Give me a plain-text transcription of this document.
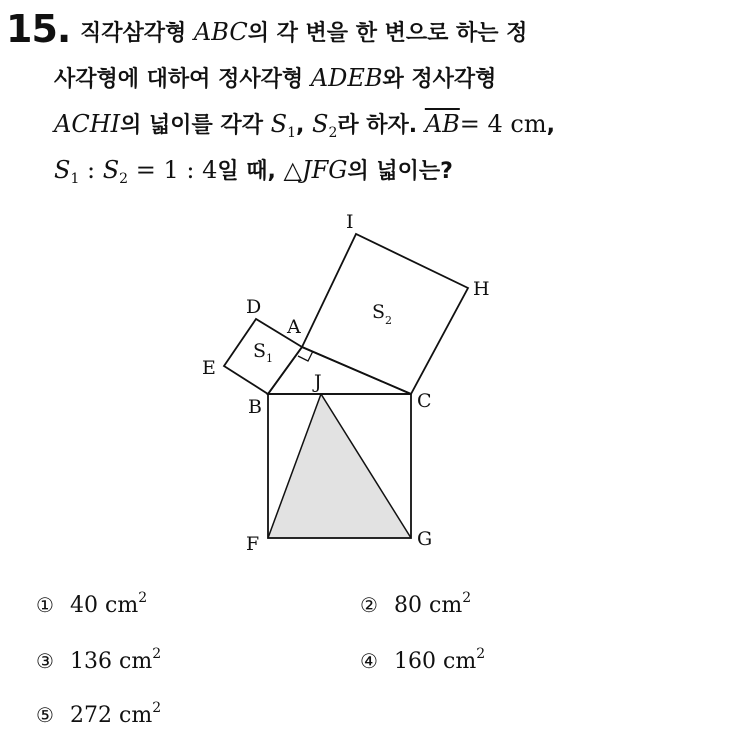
15. 직각삼각형 ABC의 각 변을 한 변으로 하는 정
사각형에 대하여 정사각형 ADEB와 정사각형
ACHI의 넓이를 각각 $S_1$, $S_2$라 하자. $\overline{AB}= 4$ cm,
$S_1$ : $S_2 = 1$ : 4일 때, △JFG의 넓이는?
I
H
D
A
E
J
B	C
F	G
S 1
S 2
① 40 $cm^2$	② 80 $cm^2$
③ 136 $cm^2$	④ 160 $cm^2$
⑤ 272 $cm^2$
